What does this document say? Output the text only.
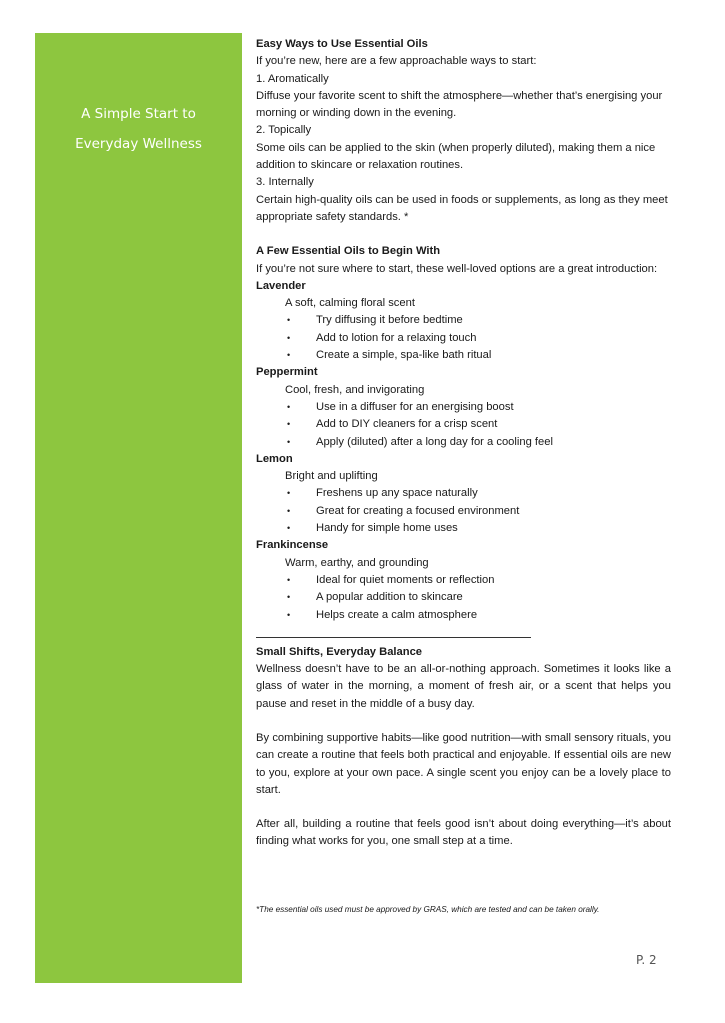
A Simple Start to
Everyday Wellness

Easy Ways to Use Essential Oils

If you’re new, here are a few approachable ways to start:

1. Aromatically

Diffuse your favorite scent to shift the atmosphere—whether that’s energising your morning or winding down in the evening.

2. Topically

Some oils can be applied to the skin (when properly diluted), making them a nice addition to skincare or relaxation routines.

3. Internally

Certain high-quality oils can be used in foods or supplements, as long as they meet appropriate safety standards. *

A Few Essential Oils to Begin With

If you’re not sure where to start, these well-loved options are a great introduction:

Lavender

A soft, calming floral scent

• Try diffusing it before bedtime
• Add to lotion for a relaxing touch
• Create a simple, spa-like bath ritual

Peppermint

Cool, fresh, and invigorating

• Use in a diffuser for an energising boost
• Add to DIY cleaners for a crisp scent
• Apply (diluted) after a long day for a cooling feel

Lemon

Bright and uplifting

• Freshens up any space naturally
• Great for creating a focused environment
• Handy for simple home uses

Frankincense

Warm, earthy, and grounding

• Ideal for quiet moments or reflection
• A popular addition to skincare
• Helps create a calm atmosphere

Small Shifts, Everyday Balance

Wellness doesn’t have to be an all-or-nothing approach. Sometimes it looks like a glass of water in the morning, a moment of fresh air, or a scent that helps you pause and reset in the middle of a busy day.

By combining supportive habits—like good nutrition—with small sensory rituals, you can create a routine that feels both practical and enjoyable. If essential oils are new to you, explore at your own pace. A single scent you enjoy can be a lovely place to start.

After all, building a routine that feels good isn’t about doing everything—it’s about finding what works for you, one small step at a time.

*The essential oils used must be approved by GRAS, which are tested and can be taken orally.
P. 2
